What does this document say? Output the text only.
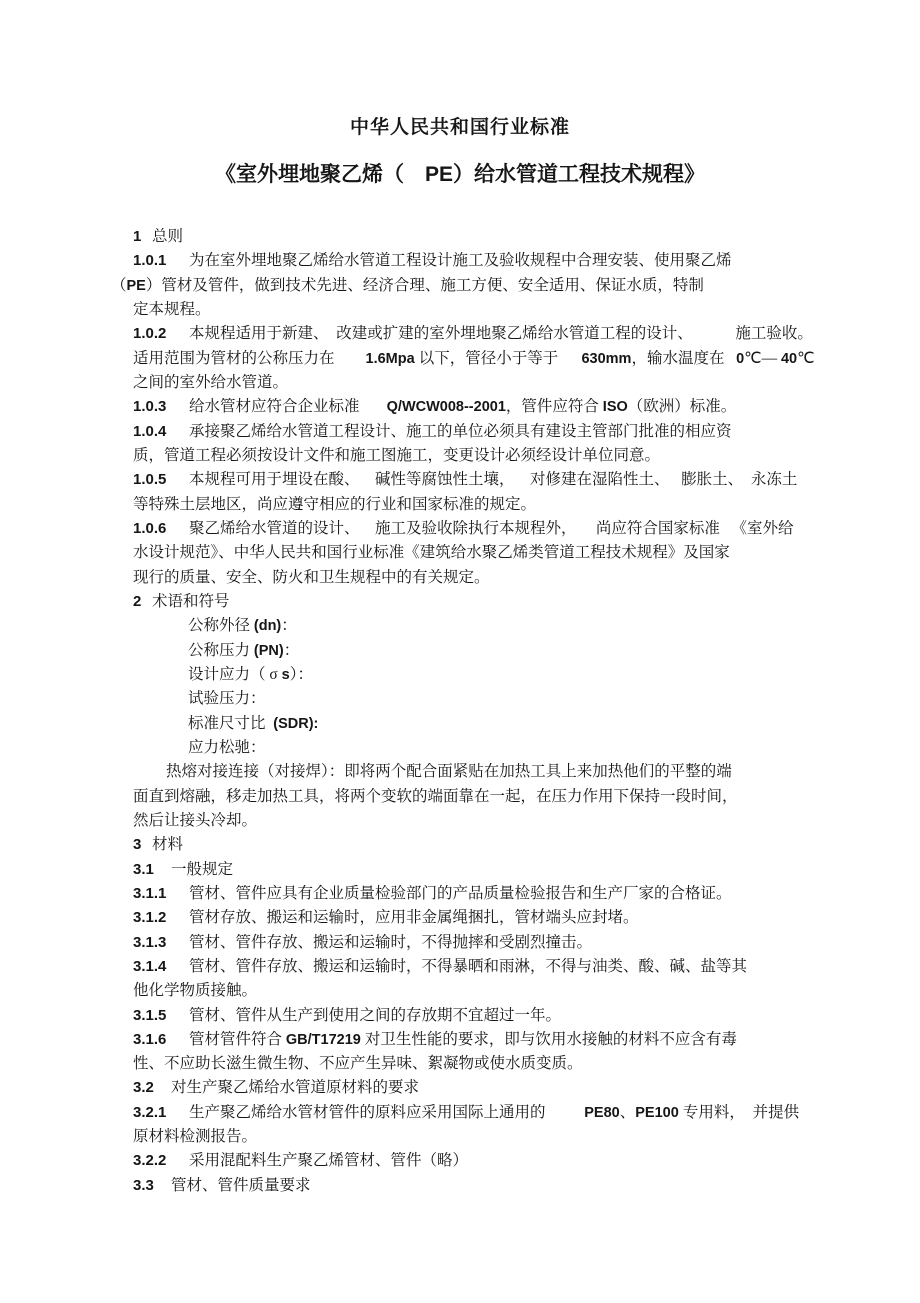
中华人民共和国行业标准
《室外埋地聚乙烯（    PE）给水管道工程技术规程》
1 总则
1.0.1 为在室外埋地聚乙烯给水管道工程设计施工及验收规程中合理安装、使用聚乙烯
（PE）管材及管件，做到技术先进、经济合理、施工方便、安全适用、保证水质，特制
定本规程。
1.0.2 本规程适用于新建、  改建或扩建的室外埋地聚乙烯给水管道工程的设计、           施工验收。
适用范围为管材的公称压力在        1.6Mpa 以下，管径小于等于      630mm，输水温度在   0℃— 40℃
之间的室外给水管道。
1.0.3 给水管材应符合企业标准       Q/WCW008--2001，管件应符合 ISO（欧洲）标准。
1.0.4 承接聚乙烯给水管道工程设计、施工的单位必须具有建设主管部门批准的相应资
质，管道工程必须按设计文件和施工图施工，变更设计必须经设计单位同意。
1.0.5 本规程可用于埋设在酸、    碱性等腐蚀性土壤，    对修建在湿陷性土、   膨胀土、  永冻土
等特殊土层地区，尚应遵守相应的行业和国家标准的规定。
1.0.6 聚乙烯给水管道的设计、    施工及验收除执行本规程外，     尚应符合国家标准   《室外给
水设计规范》、中华人民共和国行业标准《建筑给水聚乙烯类管道工程技术规程》及国家
现行的质量、安全、防火和卫生规程中的有关规定。
2 术语和符号
公称外径 (dn)：
公称压力 (PN)：
设计应力（ σ s）：
试验压力：
标准尺寸比  (SDR):
应力松驰：
热熔对接连接（对接焊）：即将两个配合面紧贴在加热工具上来加热他们的平整的端
面直到熔融，移走加热工具，将两个变软的端面靠在一起，在压力作用下保持一段时间，
然后让接头冷却。
3 材料
3.1 一般规定
3.1.1 管材、管件应具有企业质量检验部门的产品质量检验报告和生产厂家的合格证。
3.1.2 管材存放、搬运和运输时，应用非金属绳捆扎，管材端头应封堵。
3.1.3 管材、管件存放、搬运和运输时，不得抛摔和受剧烈撞击。
3.1.4 管材、管件存放、搬运和运输时，不得暴晒和雨淋，不得与油类、酸、碱、盐等其
他化学物质接触。
3.1.5 管材、管件从生产到使用之间的存放期不宜超过一年。
3.1.6 管材管件符合 GB/T17219 对卫生性能的要求，即与饮用水接触的材料不应含有毒
性、不应助长滋生微生物、不应产生异味、絮凝物或使水质变质。
3.2 对生产聚乙烯给水管道原材料的要求
3.2.1 生产聚乙烯给水管材管件的原料应采用国际上通用的          PE80、PE100 专用料，  并提供
原材料检测报告。
3.2.2 采用混配料生产聚乙烯管材、管件（略）
3.3 管材、管件质量要求
